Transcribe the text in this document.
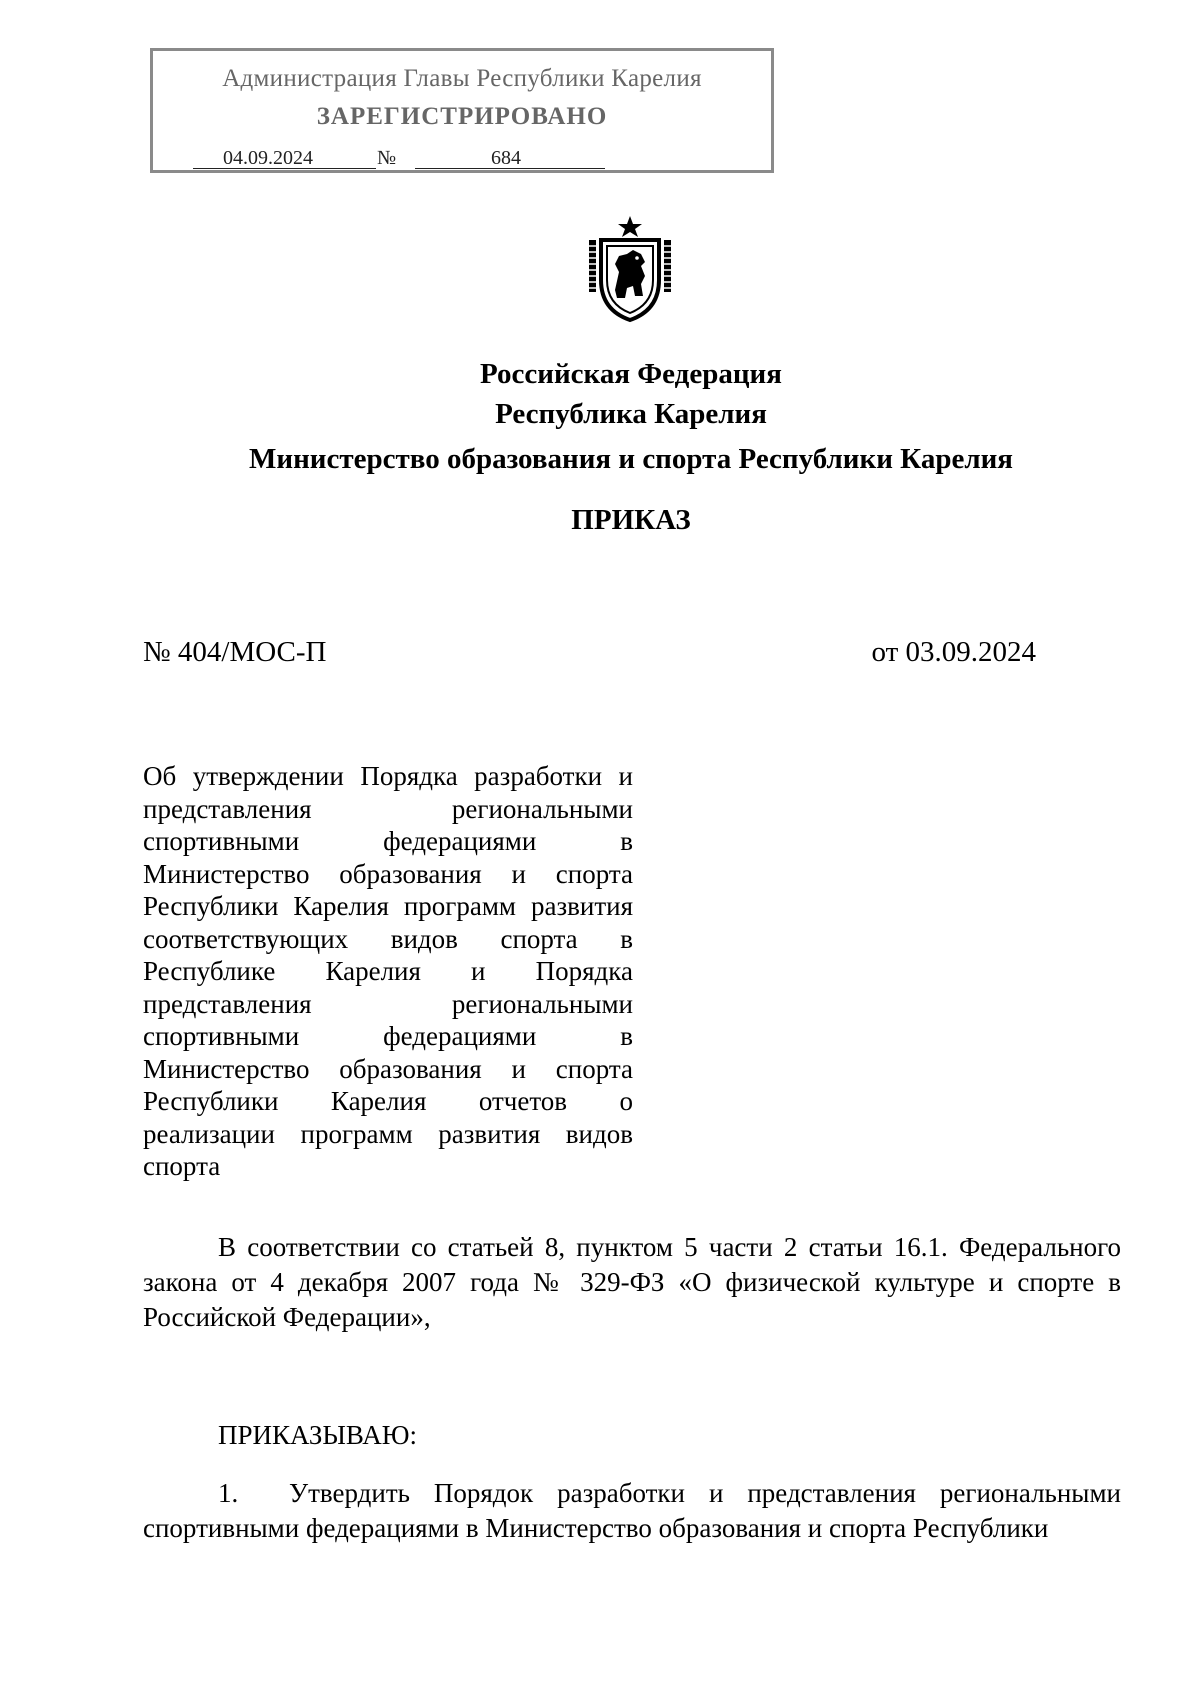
Администрация Главы Республики Карелия
ЗАРЕГИСТРИРОВАНО
04.09.2024	№	684
Российская Федерация
Республика Карелия
Министерство образования и спорта Республики Карелия
ПРИКАЗ
№ 404/МОС-П	от 03.09.2024
Об утверждении Порядка разработки и представления региональными спортивными федерациями в Министерство образования и спорта Республики Карелия программ развития соответствующих видов спорта в Республике Карелия и Порядка представления региональными спортивными федерациями в Министерство образования и спорта Республики Карелия отчетов о реализации программ развития видов спорта
В соответствии со статьей 8, пунктом 5 части 2 статьи 16.1. Федерального закона от 4 декабря 2007 года № 329-ФЗ «О физической культуре и спорте в Российской Федерации»,
ПРИКАЗЫВАЮ:
1. Утвердить Порядок разработки и представления региональными спортивными федерациями в Министерство образования и спорта Республики
